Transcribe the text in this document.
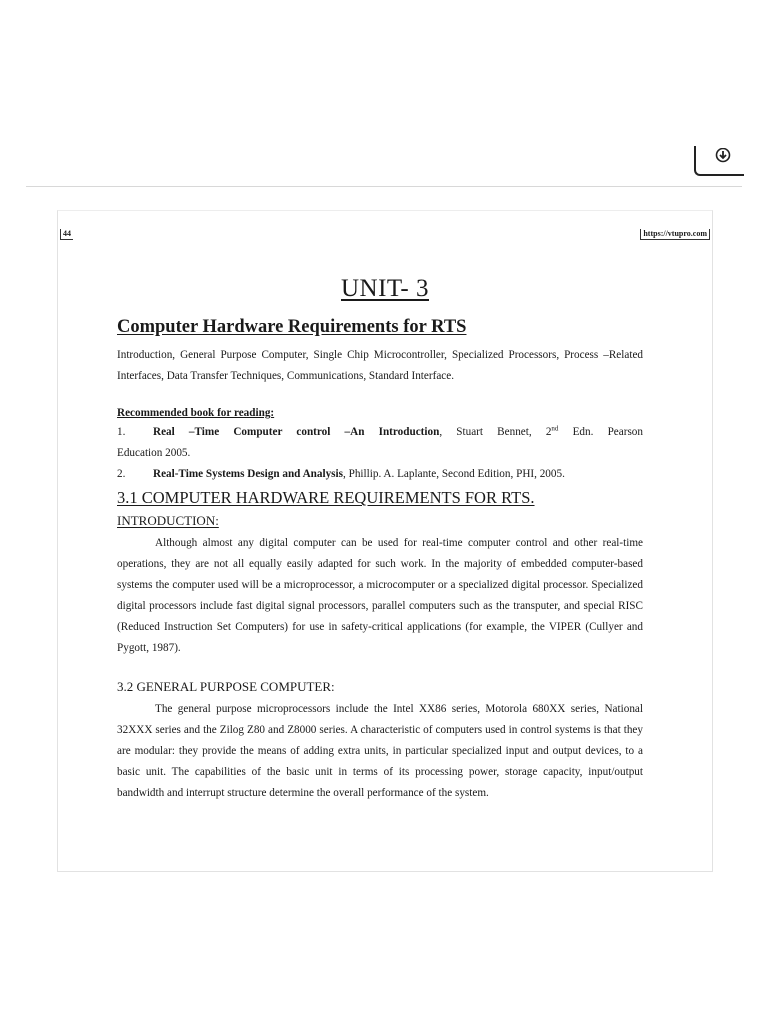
44	https://vtupro.com
UNIT- 3
Computer Hardware Requirements for RTS

Introduction, General Purpose Computer, Single Chip Microcontroller, Specialized Processors, Process –Related Interfaces, Data Transfer Techniques, Communications, Standard Interface.

Recommended book for reading:

1. Real –Time Computer control –An Introduction, Stuart Bennet, 2nd Edn. Pearson

Education 2005.

2. Real-Time Systems Design and Analysis, Phillip. A. Laplante, Second Edition, PHI, 2005.

3.1 COMPUTER HARDWARE REQUIREMENTS FOR RTS.
INTRODUCTION:

Although almost any digital computer can be used for real-time computer control and other real-time operations, they are not all equally easily adapted for such work. In the majority of embedded computer-based systems the computer used will be a microprocessor, a microcomputer or a specialized digital processor. Specialized digital processors include fast digital signal processors, parallel computers such as the transputer, and special RISC (Reduced Instruction Set Computers) for use in safety-critical applications (for example, the VIPER (Cullyer and Pygott, 1987).

3.2 GENERAL PURPOSE COMPUTER:

The general purpose microprocessors include the Intel XX86 series, Motorola 680XX series, National 32XXX series and the Zilog Z80 and Z8000 series. A characteristic of computers used in control systems is that they are modular: they provide the means of adding extra units, in particular specialized input and output devices, to a basic unit. The capabilities of the basic unit in terms of its processing power, storage capacity, input/output bandwidth and interrupt structure determine the overall performance of the system.
